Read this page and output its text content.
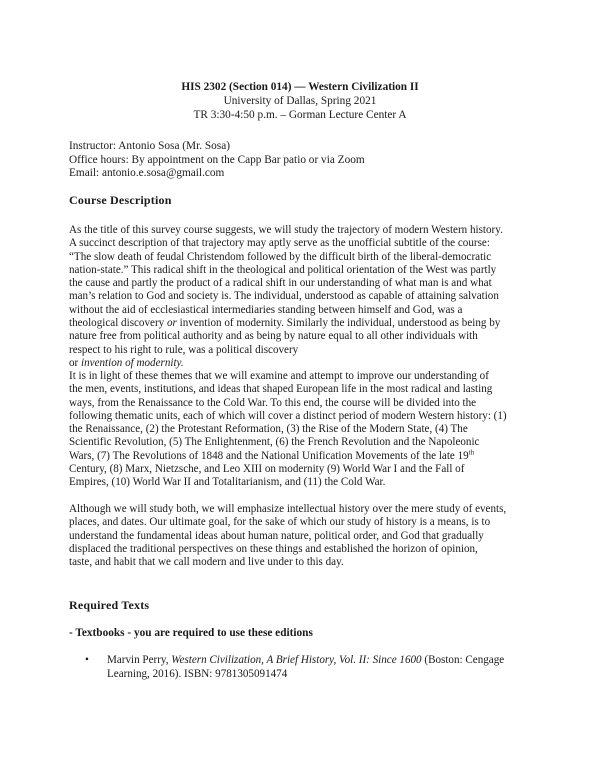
HIS 2302 (Section 014) — Western Civilization II
University of Dallas, Spring 2021
TR 3:30-4:50 p.m. – Gorman Lecture Center A
Instructor: Antonio Sosa (Mr. Sosa)
Office hours: By appointment on the Capp Bar patio or via Zoom
Email: antonio.e.sosa@gmail.com
Course Description
As the title of this survey course suggests, we will study the trajectory of modern Western history.
A succinct description of that trajectory may aptly serve as the unofficial subtitle of the course:
“The slow death of feudal Christendom followed by the difficult birth of the liberal-democratic
nation-state.” This radical shift in the theological and political orientation of the West was partly
the cause and partly the product of a radical shift in our understanding of what man is and what
man’s relation to God and society is. The individual, understood as capable of attaining salvation
without the aid of ecclesiastical intermediaries standing between himself and God, was a
theological discovery or invention of modernity. Similarly the individual, understood as being by
nature free from political authority and as being by nature equal to all other individuals with
respect to his right to rule, was a political discovery
or invention of modernity.
It is in light of these themes that we will examine and attempt to improve our understanding of
the men, events, institutions, and ideas that shaped European life in the most radical and lasting
ways, from the Renaissance to the Cold War. To this end, the course will be divided into the
following thematic units, each of which will cover a distinct period of modern Western history: (1)
the Renaissance, (2) the Protestant Reformation, (3) the Rise of the Modern State, (4) The
Scientific Revolution, (5) The Enlightenment, (6) the French Revolution and the Napoleonic
Wars, (7) The Revolutions of 1848 and the National Unification Movements of the late 19th
Century, (8) Marx, Nietzsche, and Leo XIII on modernity (9) World War I and the Fall of
Empires, (10) World War II and Totalitarianism, and (11) the Cold War.
Although we will study both, we will emphasize intellectual history over the mere study of events,
places, and dates. Our ultimate goal, for the sake of which our study of history is a means, is to
understand the fundamental ideas about human nature, political order, and God that gradually
displaced the traditional perspectives on these things and established the horizon of opinion,
taste, and habit that we call modern and live under to this day.
Required Texts
- Textbooks - you are required to use these editions
• Marvin Perry, Western Civilization, A Brief History, Vol. II: Since 1600 (Boston: Cengage
Learning, 2016). ISBN: 9781305091474
